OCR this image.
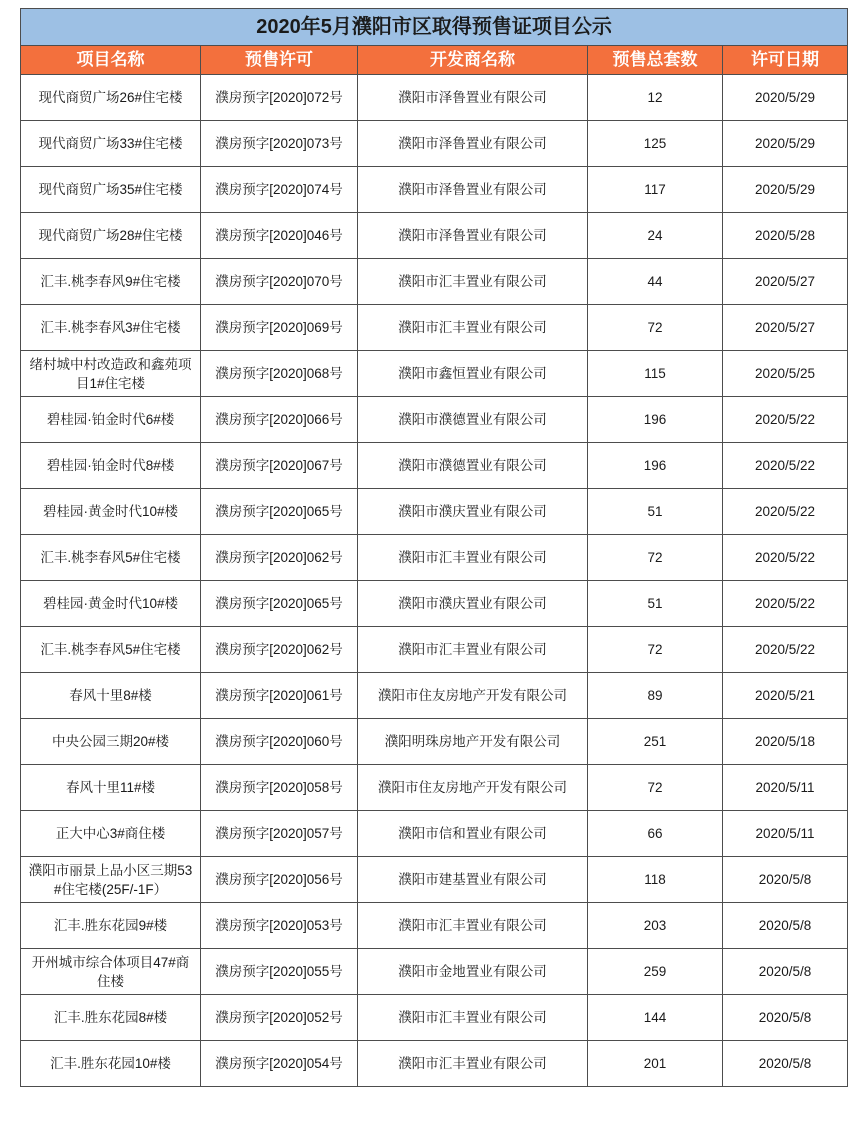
2020年5月濮阳市区取得预售证项目公示				
项目名称	预售许可	开发商名称	预售总套数	许可日期

现代商贸广场26#住宅楼	濮房预字[2020]072号	濮阳市泽鲁置业有限公司	12	2020/5/29

现代商贸广场33#住宅楼	濮房预字[2020]073号	濮阳市泽鲁置业有限公司	125	2020/5/29

现代商贸广场35#住宅楼	濮房预字[2020]074号	濮阳市泽鲁置业有限公司	117	2020/5/29

现代商贸广场28#住宅楼	濮房预字[2020]046号	濮阳市泽鲁置业有限公司	24	2020/5/28

汇丰.桃李春风9#住宅楼	濮房预字[2020]070号	濮阳市汇丰置业有限公司	44	2020/5/27

汇丰.桃李春风3#住宅楼	濮房预字[2020]069号	濮阳市汇丰置业有限公司	72	2020/5/27

绪村城中村改造政和鑫苑项目1#住宅楼	濮房预字[2020]068号	濮阳市鑫恒置业有限公司	115	2020/5/25

碧桂园·铂金时代6#楼	濮房预字[2020]066号	濮阳市濮德置业有限公司	196	2020/5/22

碧桂园·铂金时代8#楼	濮房预字[2020]067号	濮阳市濮德置业有限公司	196	2020/5/22

碧桂园·黄金时代10#楼	濮房预字[2020]065号	濮阳市濮庆置业有限公司	51	2020/5/22

汇丰.桃李春风5#住宅楼	濮房预字[2020]062号	濮阳市汇丰置业有限公司	72	2020/5/22

碧桂园·黄金时代10#楼	濮房预字[2020]065号	濮阳市濮庆置业有限公司	51	2020/5/22

汇丰.桃李春风5#住宅楼	濮房预字[2020]062号	濮阳市汇丰置业有限公司	72	2020/5/22

春风十里8#楼	濮房预字[2020]061号	濮阳市住友房地产开发有限公司	89	2020/5/21

中央公园三期20#楼	濮房预字[2020]060号	濮阳明珠房地产开发有限公司	251	2020/5/18

春风十里11#楼	濮房预字[2020]058号	濮阳市住友房地产开发有限公司	72	2020/5/11

正大中心3#商住楼	濮房预字[2020]057号	濮阳市信和置业有限公司	66	2020/5/11

濮阳市丽景上品小区三期53#住宅楼(25F/-1F）	濮房预字[2020]056号	濮阳市建基置业有限公司	118	2020/5/8

汇丰.胜东花园9#楼	濮房预字[2020]053号	濮阳市汇丰置业有限公司	203	2020/5/8

开州城市综合体项目47#商住楼	濮房预字[2020]055号	濮阳市金地置业有限公司	259	2020/5/8

汇丰.胜东花园8#楼	濮房预字[2020]052号	濮阳市汇丰置业有限公司	144	2020/5/8

汇丰.胜东花园10#楼	濮房预字[2020]054号	濮阳市汇丰置业有限公司	201	2020/5/8
